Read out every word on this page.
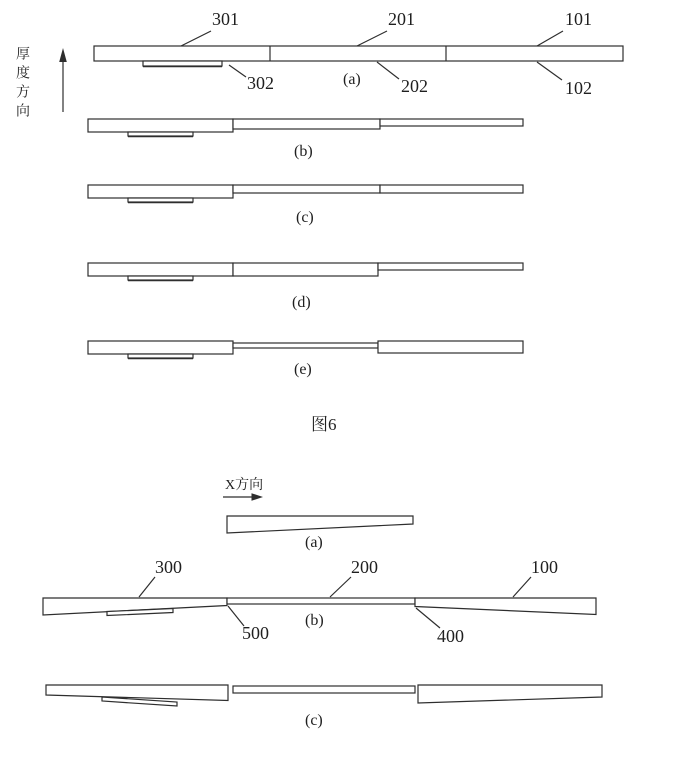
厚度方向
301	201	101
302	202	102
(a)
(b)
(c)
(d)
(e)
图6
X方向
(a)
(b)
(c)
300	200	100
500	400
